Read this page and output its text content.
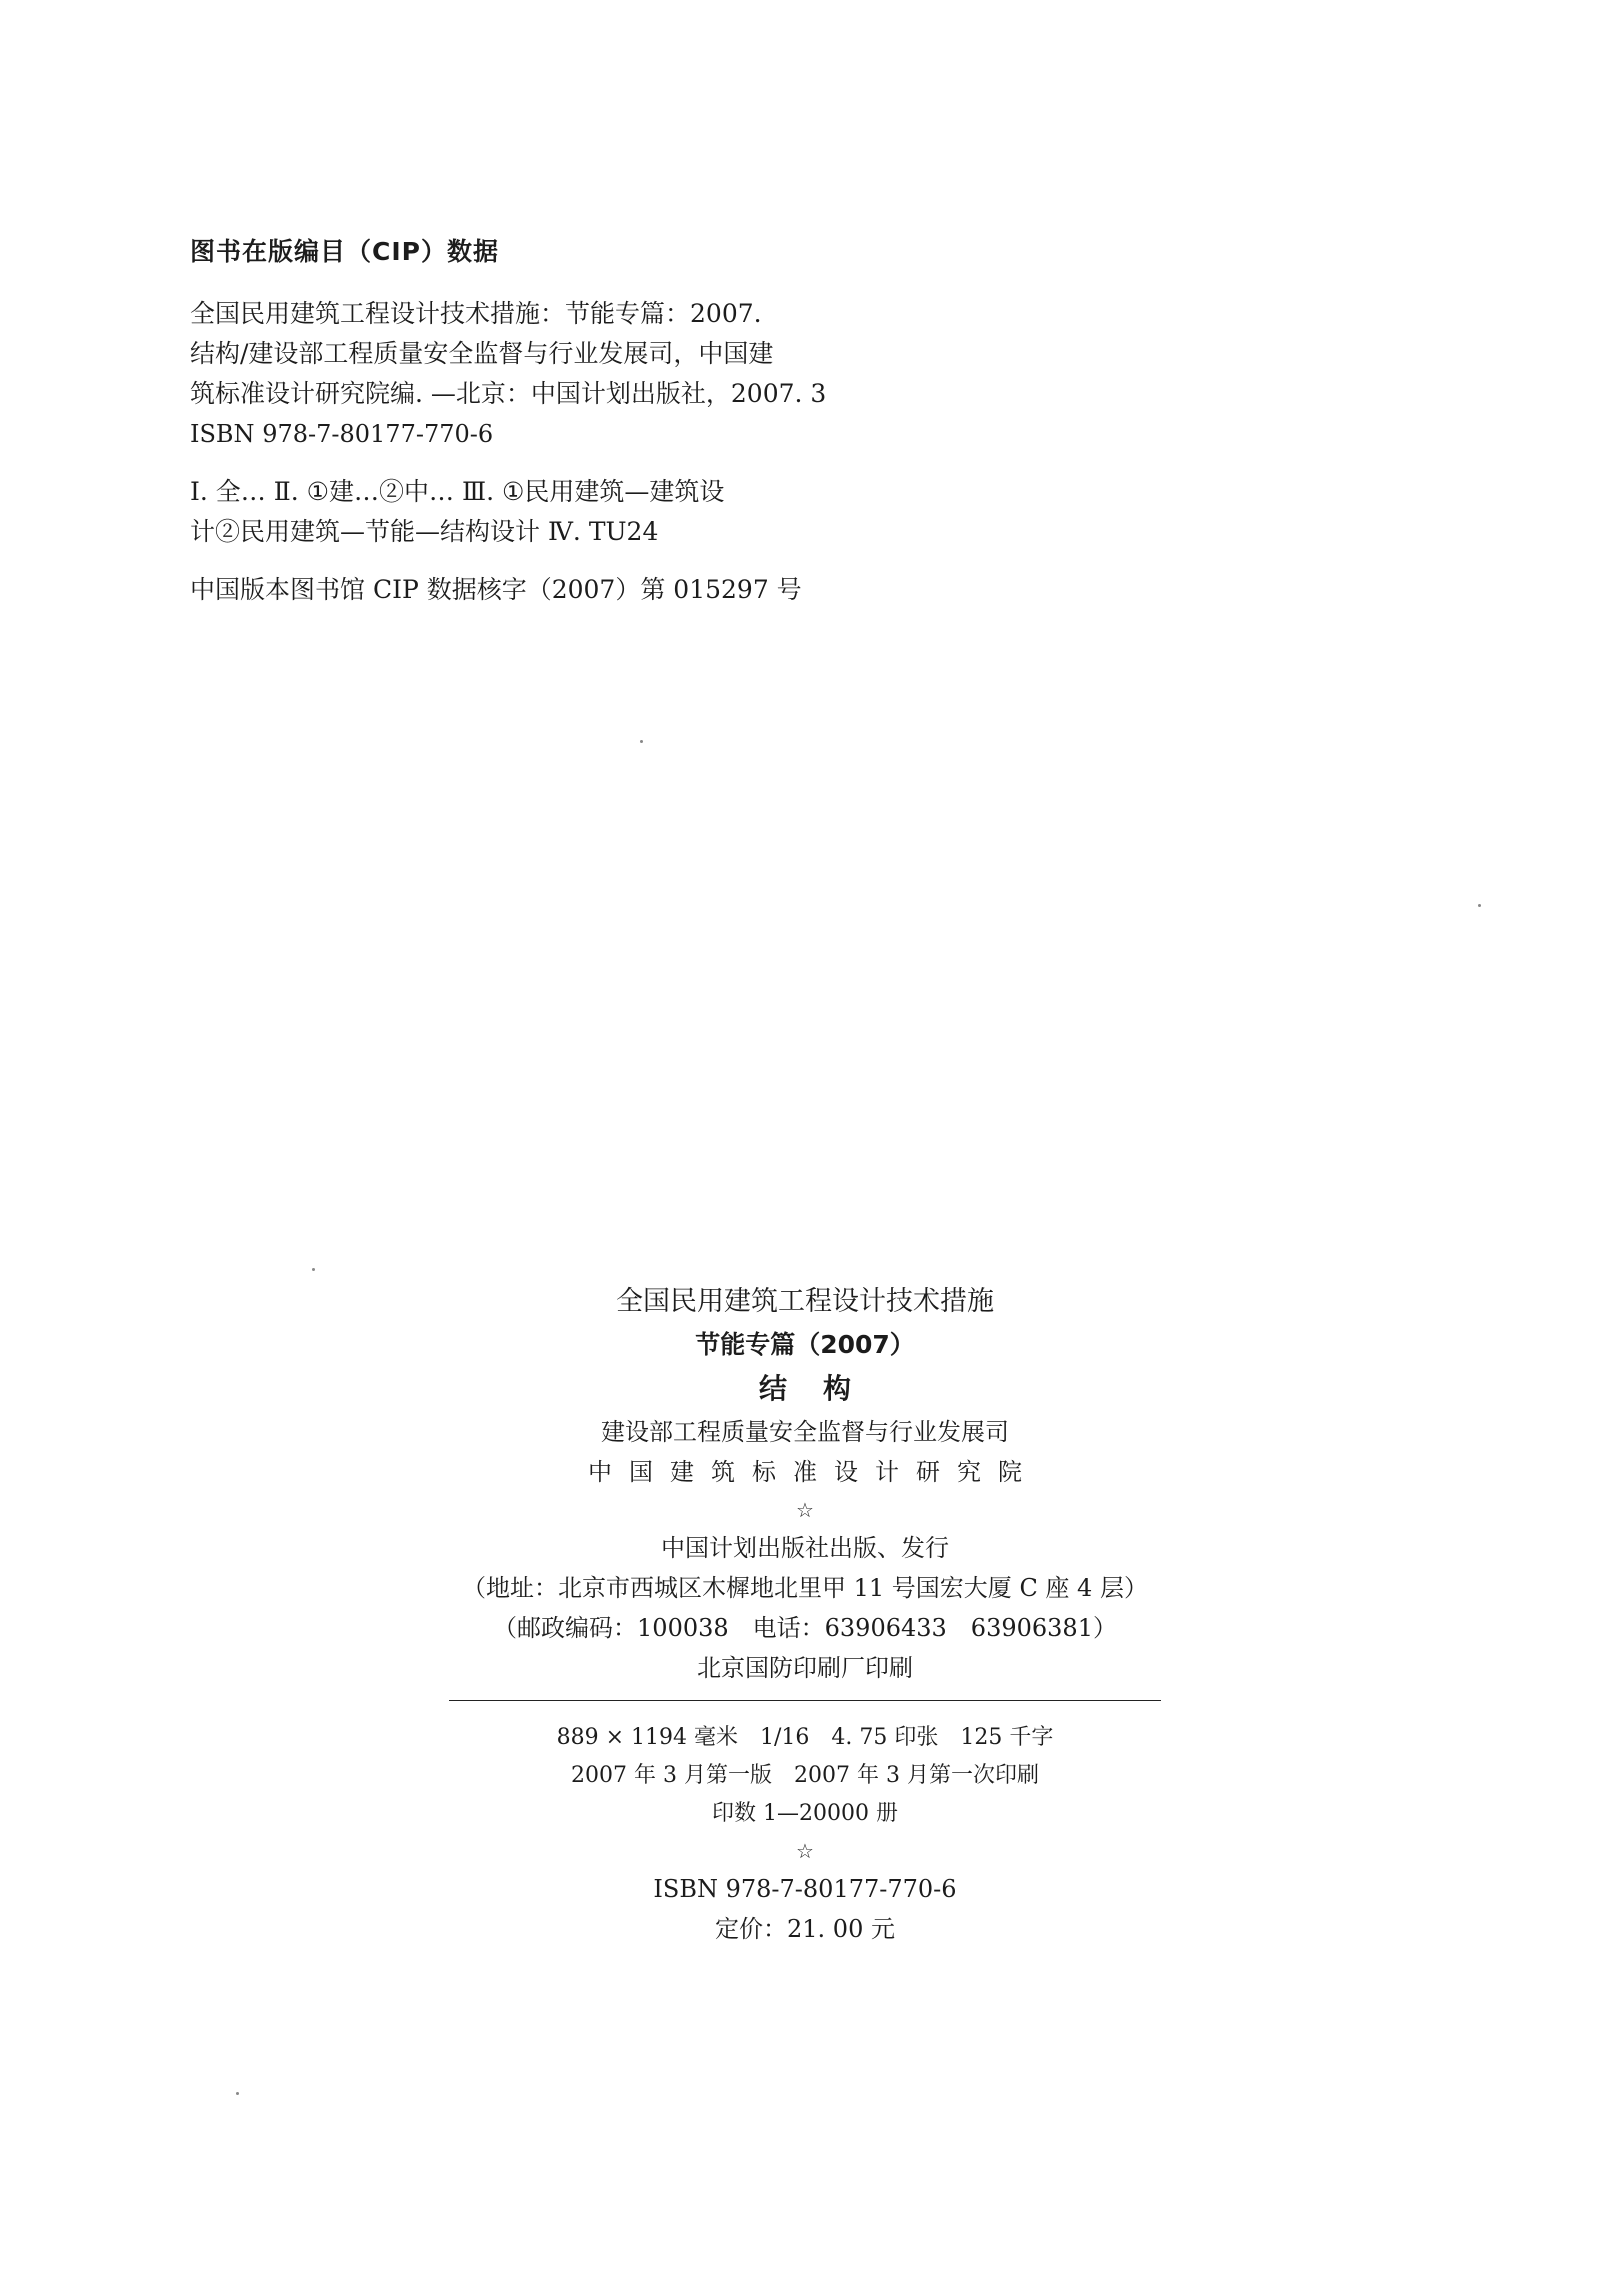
图书在版编目（CIP）数据

全国民用建筑工程设计技术措施：节能专篇：2007.

结构/建设部工程质量安全监督与行业发展司，中国建

筑标准设计研究院编. —北京：中国计划出版社，2007. 3

ISBN 978-7-80177-770-6

Ⅰ. 全… Ⅱ. ①建…②中… Ⅲ. ①民用建筑—建筑设

计②民用建筑—节能—结构设计 Ⅳ. TU24

中国版本图书馆 CIP 数据核字（2007）第 015297 号

全国民用建筑工程设计技术措施

节能专篇（2007）

结构

建设部工程质量安全监督与行业发展司

中国建筑标准设计研究院

☆

中国计划出版社出版、发行

（地址：北京市西城区木樨地北里甲 11 号国宏大厦 C 座 4 层）

（邮政编码：100038　电话：63906433　63906381）

北京国防印刷厂印刷

889 × 1194 毫米　1/16　4. 75 印张　125 千字

2007 年 3 月第一版　2007 年 3 月第一次印刷

印数 1—20000 册

☆

ISBN 978-7-80177-770-6

定价：21. 00 元
